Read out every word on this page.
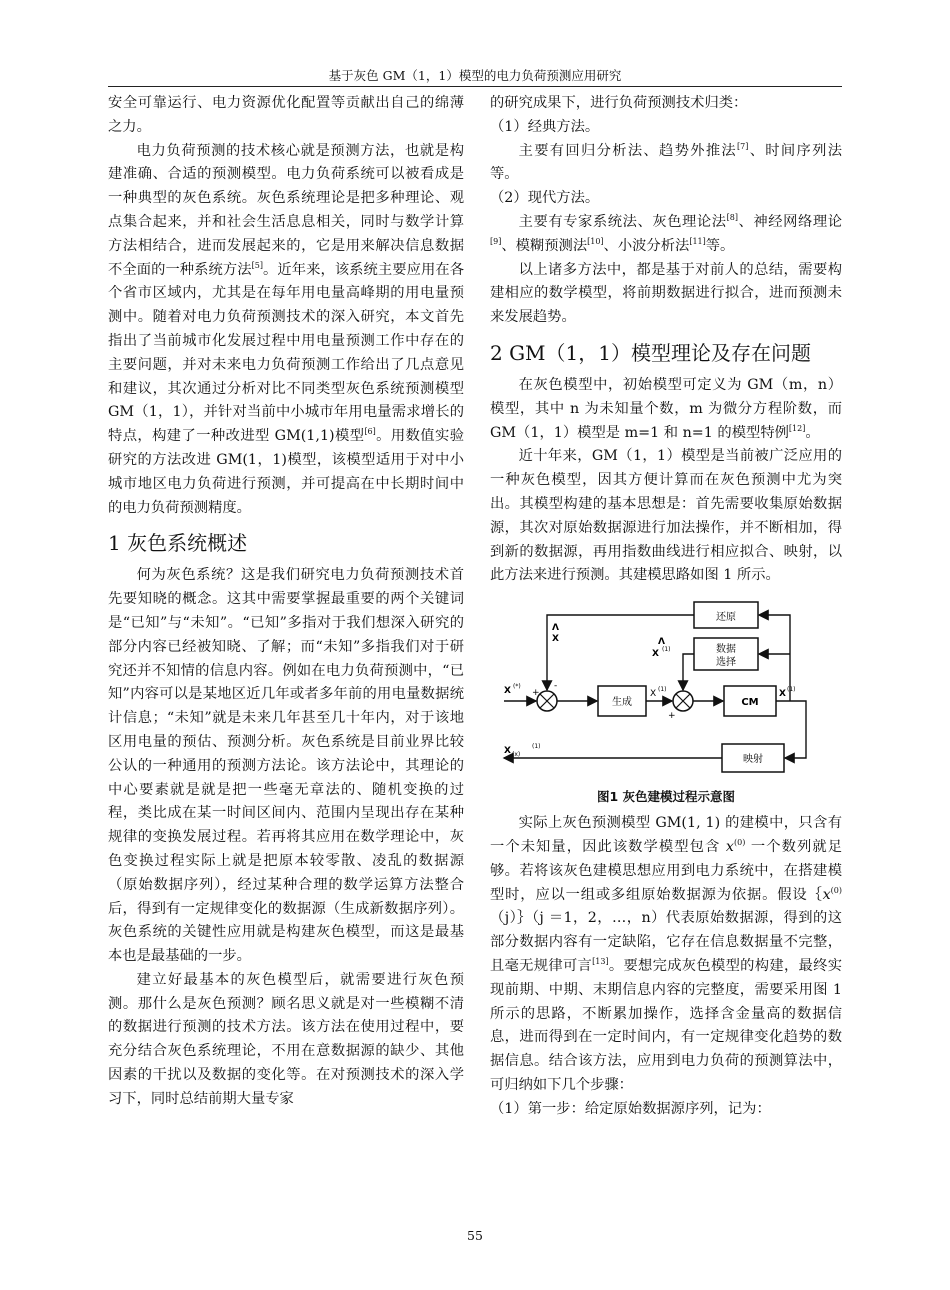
基于灰色 GM（1，1）模型的电力负荷预测应用研究

安全可靠运行、电力资源优化配置等贡献出自己的绵薄之力。

电力负荷预测的技术核心就是预测方法，也就是构建准确、合适的预测模型。电力负荷系统可以被看成是一种典型的灰色系统。灰色系统理论是把多种理论、观点集合起来，并和社会生活息息相关，同时与数学计算方法相结合，进而发展起来的，它是用来解决信息数据不全面的一种系统方法[5]。近年来，该系统主要应用在各个省市区域内，尤其是在每年用电量高峰期的用电量预测中。随着对电力负荷预测技术的深入研究，本文首先指出了当前城市化发展过程中用电量预测工作中存在的主要问题，并对未来电力负荷预测工作给出了几点意见和建议，其次通过分析对比不同类型灰色系统预测模型 GM（1，1），并针对当前中小城市年用电量需求增长的特点，构建了一种改进型 GM(1,1)模型[6]。用数值实验研究的方法改进 GM(1，1)模型，该模型适用于对中小城市地区电力负荷进行预测，并可提高在中长期时间中的电力负荷预测精度。

1 灰色系统概述

何为灰色系统？这是我们研究电力负荷预测技术首先要知晓的概念。这其中需要掌握最重要的两个关键词是“已知”与“未知”。“已知”多指对于我们想深入研究的部分内容已经被知晓、了解；而“未知”多指我们对于研究还并不知情的信息内容。例如在电力负荷预测中，“已知”内容可以是某地区近几年或者多年前的用电量数据统计信息；“未知”就是未来几年甚至几十年内，对于该地区用电量的预估、预测分析。灰色系统是目前业界比较公认的一种通用的预测方法论。该方法论中，其理论的中心要素就是就是把一些毫无章法的、随机变换的过程，类比成在某一时间区间内、范围内呈现出存在某种规律的变换发展过程。若再将其应用在数学理论中，灰色变换过程实际上就是把原本较零散、凌乱的数据源（原始数据序列），经过某种合理的数学运算方法整合后，得到有一定规律变化的数据源（生成新数据序列）。灰色系统的关键性应用就是构建灰色模型，而这是最基本也是最基础的一步。

建立好最基本的灰色模型后，就需要进行灰色预测。那什么是灰色预测？顾名思义就是对一些模糊不清的数据进行预测的技术方法。该方法在使用过程中，要充分结合灰色系统理论，不用在意数据源的缺少、其他因素的干扰以及数据的变化等。在对预测技术的深入学习下，同时总结前期大量专家

的研究成果下，进行负荷预测技术归类：

（1）经典方法。

主要有回归分析法、趋势外推法[7]、时间序列法等。

（2）现代方法。

主要有专家系统法、灰色理论法[8]、神经网络理论[9]、模糊预测法[10]、小波分析法[11]等。

以上诸多方法中，都是基于对前人的总结，需要构建相应的数学模型，将前期数据进行拟合，进而预测未来发展趋势。

2 GM（1，1）模型理论及存在问题

在灰色模型中，初始模型可定义为 GM（m，n）模型，其中 n 为未知量个数，m 为微分方程阶数，而 GM（1，1）模型是 m=1 和 n=1 的模型特例[12]。

近十年来，GM（1，1）模型是当前被广泛应用的一种灰色模型，因其方便计算而在灰色预测中尤为突出。其模型构建的基本思想是：首先需要收集原始数据源，其次对原始数据源进行加法操作，并不断相加，得到新的数据源，再用指数曲线进行相应拟合、映射，以此方法来进行预测。其建模思路如图 1 所示。

还原
数据
选择
生成	CM
映射
Λ
X
X (*)
+
-
Λ
X (1)
X (1)
+
X (1)
X (x)
(1)
图1 灰色建模过程示意图

实际上灰色预测模型 GM(1, 1) 的建模中，只含有一个未知量，因此该数学模型包含 $x^{(0)}$ 一个数列就足够。若将该灰色建模思想应用到电力系统中，在搭建模型时，应以一组或多组原始数据源为依据。假设$\{x^{(0)}(j)\}(j =1$，2，…，n）代表原始数据源，得到的这部分数据内容有一定缺陷，它存在信息数据量不完整，且毫无规律可言[13]。要想完成灰色模型的构建，最终实现前期、中期、末期信息内容的完整度，需要采用图 1 所示的思路，不断累加操作，选择含金量高的数据信息，进而得到在一定时间内，有一定规律变化趋势的数据信息。结合该方法，应用到电力负荷的预测算法中，可归纳如下几个步骤：

（1）第一步：给定原始数据源序列，记为：

55
